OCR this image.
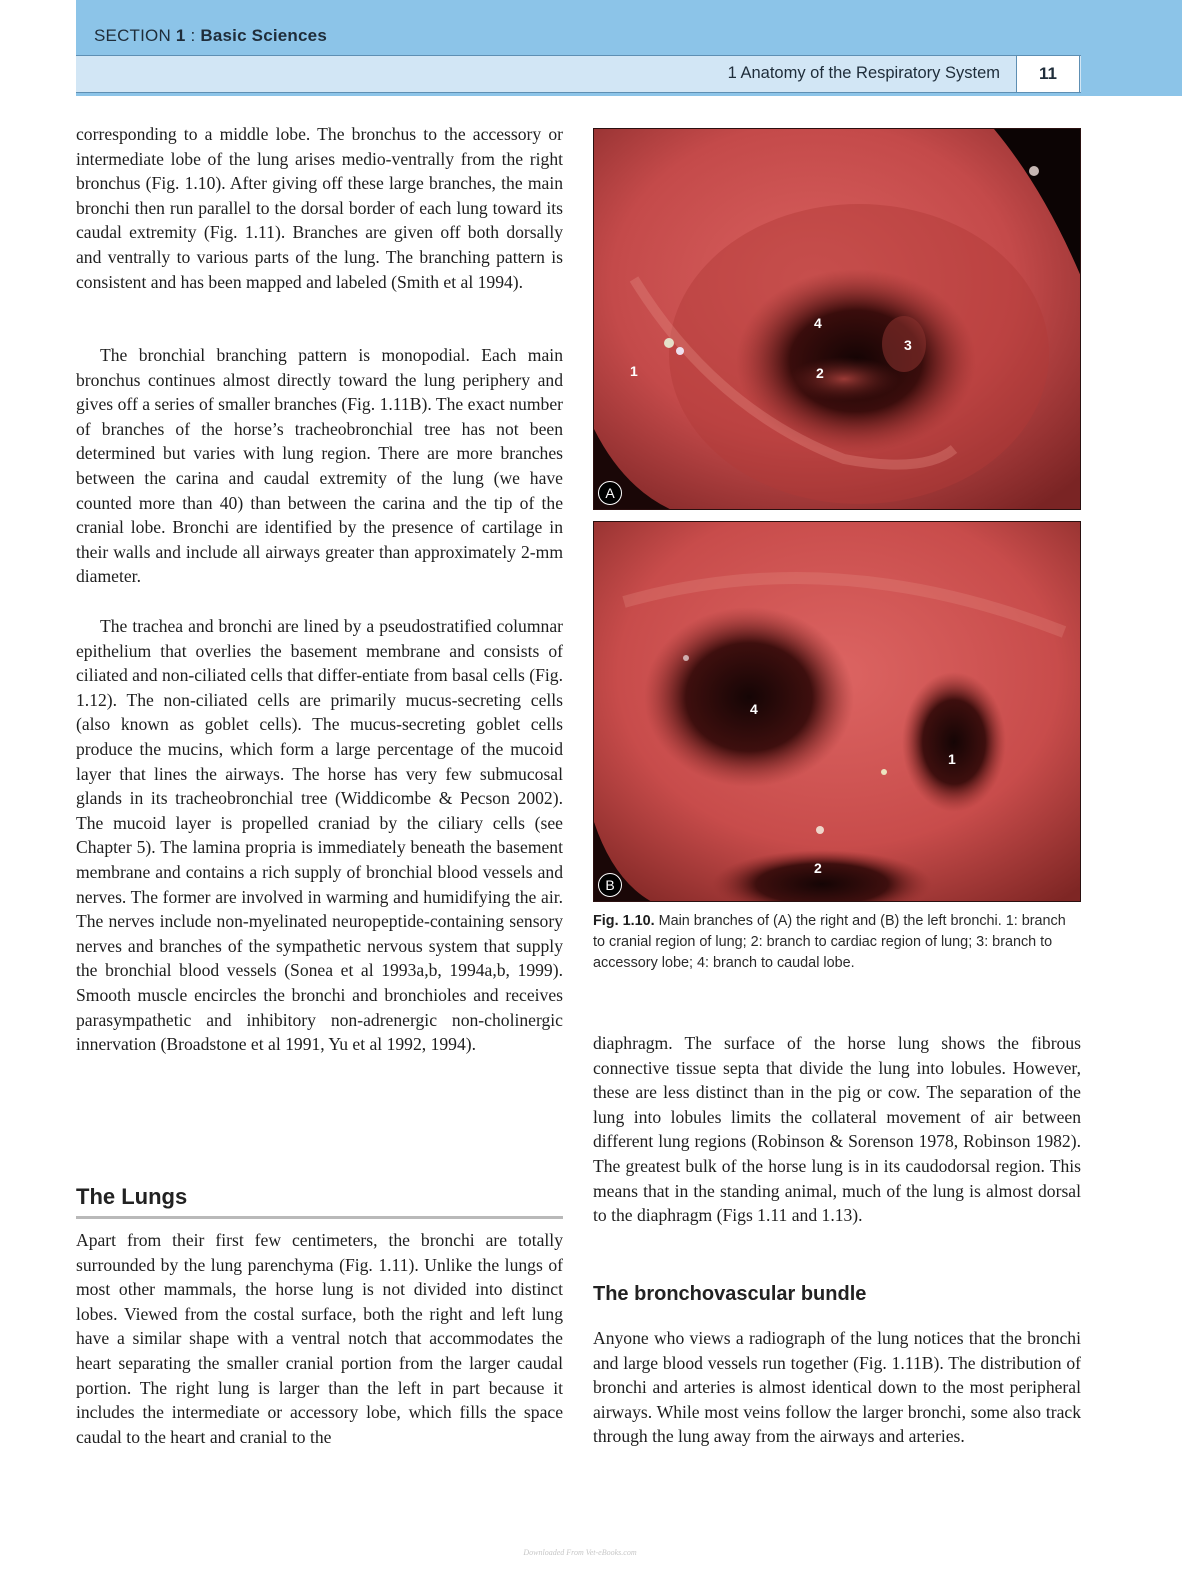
SECTION 1 : Basic Sciences
1 Anatomy of the Respiratory System	11

corresponding to a middle lobe. The bronchus to the accessory or intermediate lobe of the lung arises medio-ventrally from the right bronchus (Fig. 1.10). After giving off these large branches, the main bronchi then run parallel to the dorsal border of each lung toward its caudal extremity (Fig. 1.11). Branches are given off both dorsally and ventrally to various parts of the lung. The branching pattern is consistent and has been mapped and labeled (Smith et al 1994).

The bronchial branching pattern is monopodial. Each main bronchus continues almost directly toward the lung periphery and gives off a series of smaller branches (Fig. 1.11B). The exact number of branches of the horse’s tracheobronchial tree has not been determined but varies with lung region. There are more branches between the carina and caudal extremity of the lung (we have counted more than 40) than between the carina and the tip of the cranial lobe. Bronchi are identified by the presence of cartilage in their walls and include all airways greater than approximately 2-mm diameter.

The trachea and bronchi are lined by a pseudostratified columnar epithelium that overlies the basement membrane and consists of ciliated and non-ciliated cells that differ-entiate from basal cells (Fig. 1.12). The non-ciliated cells are primarily mucus-secreting cells (also known as goblet cells). The mucus-secreting goblet cells produce the mucins, which form a large percentage of the mucoid layer that lines the airways. The horse has very few submucosal glands in its tracheobronchial tree (Widdicombe & Pecson 2002). The mucoid layer is propelled craniad by the ciliary cells (see Chapter 5). The lamina propria is immediately beneath the basement membrane and contains a rich supply of bronchial blood vessels and nerves. The former are involved in warming and humidifying the air. The nerves include non-myelinated neuropeptide-containing sensory nerves and branches of the sympathetic nervous system that supply the bronchial blood vessels (Sonea et al 1993a,b, 1994a,b, 1999). Smooth muscle encircles the bronchi and bronchioles and receives parasympathetic and inhibitory non-adrenergic non-cholinergic innervation (Broadstone et al 1991, Yu et al 1992, 1994).

The Lungs

Apart from their first few centimeters, the bronchi are totally surrounded by the lung parenchyma (Fig. 1.11). Unlike the lungs of most other mammals, the horse lung is not divided into distinct lobes. Viewed from the costal surface, both the right and left lung have a similar shape with a ventral notch that accommodates the heart separating the smaller cranial portion from the larger caudal portion. The right lung is larger than the left in part because it includes the intermediate or accessory lobe, which fills the space caudal to the heart and cranial to the

4
3
2
1
A
4
1
2
B

Fig. 1.10. Main branches of (A) the right and (B) the left bronchi. 1: branch to cranial region of lung; 2: branch to cardiac region of lung; 3: branch to accessory lobe; 4: branch to caudal lobe.

diaphragm. The surface of the horse lung shows the fibrous connective tissue septa that divide the lung into lobules. However, these are less distinct than in the pig or cow. The separation of the lung into lobules limits the collateral movement of air between different lung regions (Robinson & Sorenson 1978, Robinson 1982). The greatest bulk of the horse lung is in its caudodorsal region. This means that in the standing animal, much of the lung is almost dorsal to the diaphragm (Figs 1.11 and 1.13).

The bronchovascular bundle

Anyone who views a radiograph of the lung notices that the bronchi and large blood vessels run together (Fig. 1.11B). The distribution of bronchi and arteries is almost identical down to the most peripheral airways. While most veins follow the larger bronchi, some also track through the lung away from the airways and arteries.

Downloaded From Vet-eBooks.com
